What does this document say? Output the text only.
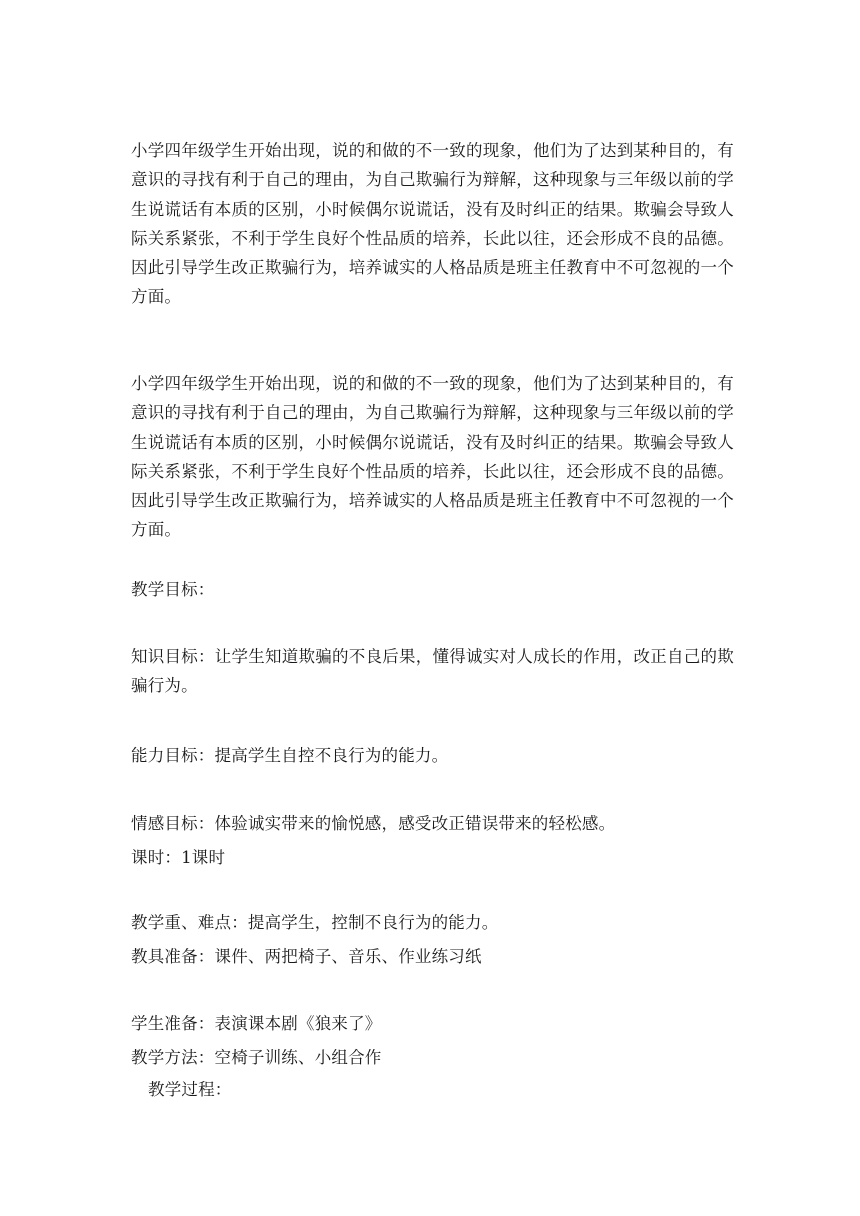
小学四年级学生开始出现，说的和做的不一致的现象，他们为了达到某种目的，有意识的寻找有利于自己的理由，为自己欺骗行为辩解，这种现象与三年级以前的学生说谎话有本质的区别，小时候偶尔说谎话，没有及时纠正的结果。欺骗会导致人际关系紧张，不利于学生良好个性品质的培养，长此以往，还会形成不良的品德。因此引导学生改正欺骗行为，培养诚实的人格品质是班主任教育中不可忽视的一个方面。

小学四年级学生开始出现，说的和做的不一致的现象，他们为了达到某种目的，有意识的寻找有利于自己的理由，为自己欺骗行为辩解，这种现象与三年级以前的学生说谎话有本质的区别，小时候偶尔说谎话，没有及时纠正的结果。欺骗会导致人际关系紧张，不利于学生良好个性品质的培养，长此以往，还会形成不良的品德。因此引导学生改正欺骗行为，培养诚实的人格品质是班主任教育中不可忽视的一个方面。

教学目标：

知识目标：让学生知道欺骗的不良后果，懂得诚实对人成长的作用，改正自己的欺骗行为。

能力目标：提高学生自控不良行为的能力。

情感目标：体验诚实带来的愉悦感，感受改正错误带来的轻松感。

课时：1课时

教学重、难点：提高学生，控制不良行为的能力。

教具准备：课件、两把椅子、音乐、作业练习纸

学生准备：表演课本剧《狼来了》

教学方法：空椅子训练、小组合作

教学过程：
